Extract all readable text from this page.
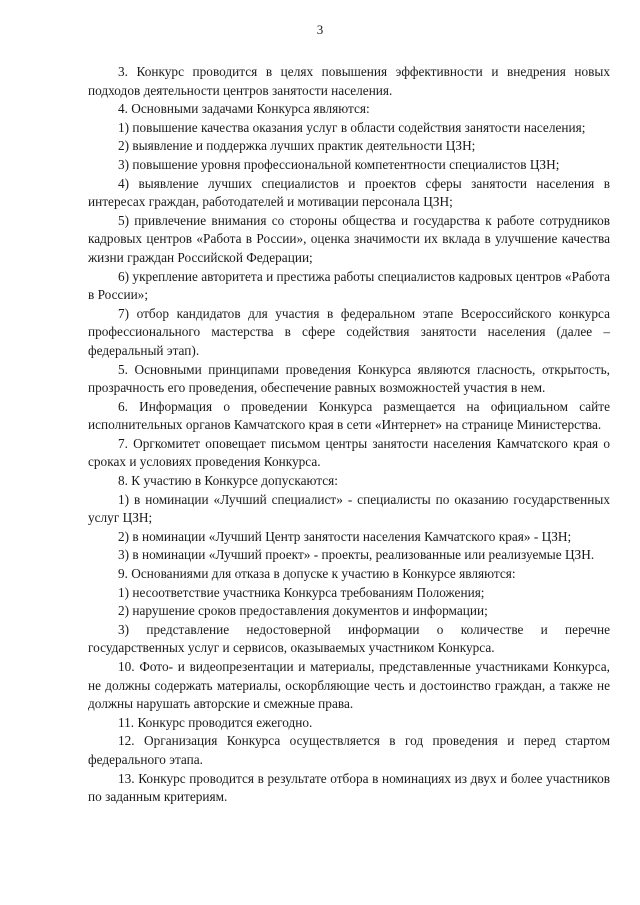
3

3. Конкурс проводится в целях повышения эффективности и внедрения новых подходов деятельности центров занятости населения.

4. Основными задачами Конкурса являются:

1) повышение качества оказания услуг в области содействия занятости населения;

2) выявление и поддержка лучших практик деятельности ЦЗН;

3) повышение уровня профессиональной компетентности специалистов ЦЗН;

4) выявление лучших специалистов и проектов сферы занятости населения в интересах граждан, работодателей и мотивации персонала ЦЗН;

5) привлечение внимания со стороны общества и государства к работе сотрудников кадровых центров «Работа в России», оценка значимости их вклада в улучшение качества жизни граждан Российской Федерации;

6) укрепление авторитета и престижа работы специалистов кадровых центров «Работа в России»;

7) отбор кандидатов для участия в федеральном этапе Всероссийского конкурса профессионального мастерства в сфере содействия занятости населения (далее – федеральный этап).

5. Основными принципами проведения Конкурса являются гласность, открытость, прозрачность его проведения, обеспечение равных возможностей участия в нем.

6. Информация о проведении Конкурса размещается на официальном сайте исполнительных органов Камчатского края в сети «Интернет» на странице Министерства.

7. Оргкомитет оповещает письмом центры занятости населения Камчатского края о сроках и условиях проведения Конкурса.

8. К участию в Конкурсе допускаются:

1) в номинации «Лучший специалист» - специалисты по оказанию государственных услуг ЦЗН;

2) в номинации «Лучший Центр занятости населения Камчатского края» - ЦЗН;

3) в номинации «Лучший проект» - проекты, реализованные или реализуемые ЦЗН.

9. Основаниями для отказа в допуске к участию в Конкурсе являются:

1) несоответствие участника Конкурса требованиям Положения;

2) нарушение сроков предоставления документов и информации;

3) представление недостоверной информации о количестве и перечне государственных услуг и сервисов, оказываемых участником Конкурса.

10. Фото- и видеопрезентации и материалы, представленные участниками Конкурса, не должны содержать материалы, оскорбляющие честь и достоинство граждан, а также не должны нарушать авторские и смежные права.

11. Конкурс проводится ежегодно.

12. Организация Конкурса осуществляется в год проведения и перед стартом федерального этапа.

13. Конкурс проводится в результате отбора в номинациях из двух и более участников по заданным критериям.
